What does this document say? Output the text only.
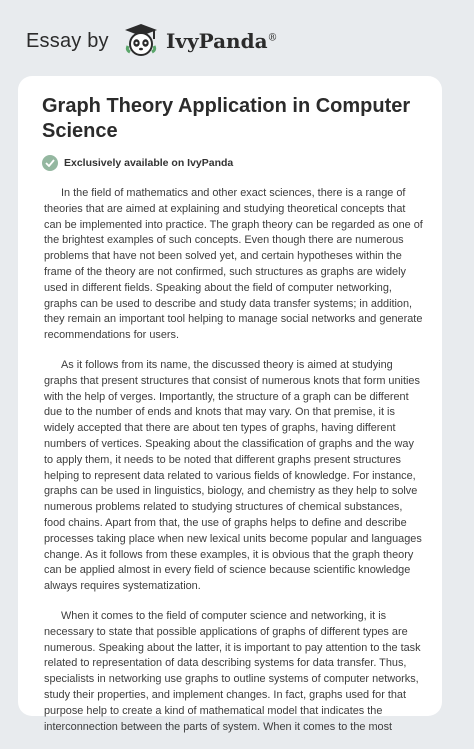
Essay by	IvyPanda®
Graph Theory Application in Computer Science
Exclusively available on IvyPanda

In the field of mathematics and other exact sciences, there is a range of theories that are aimed at explaining and studying theoretical concepts that can be implemented into practice. The graph theory can be regarded as one of the brightest examples of such concepts. Even though there are numerous problems that have not been solved yet, and certain hypotheses within the frame of the theory are not confirmed, such structures as graphs are widely used in different fields. Speaking about the field of computer networking, graphs can be used to describe and study data transfer systems; in addition, they remain an important tool helping to manage social networks and generate recommendations for users.

As it follows from its name, the discussed theory is aimed at studying graphs that present structures that consist of numerous knots that form unities with the help of verges. Importantly, the structure of a graph can be different due to the number of ends and knots that may vary. On that premise, it is widely accepted that there are about ten types of graphs, having different numbers of vertices. Speaking about the classification of graphs and the way to apply them, it needs to be noted that different graphs present structures helping to represent data related to various fields of knowledge. For instance, graphs can be used in linguistics, biology, and chemistry as they help to solve numerous problems related to studying structures of chemical substances, food chains. Apart from that, the use of graphs helps to define and describe processes taking place when new lexical units become popular and languages change. As it follows from these examples, it is obvious that the graph theory can be applied almost in every field of science because scientific knowledge always requires systematization.

When it comes to the field of computer science and networking, it is necessary to state that possible applications of graphs of different types are numerous. Speaking about the latter, it is important to pay attention to the task related to representation of data describing systems for data transfer. Thus, specialists in networking use graphs to outline systems of computer networks, study their properties, and implement changes. In fact, graphs used for that purpose help to create a kind of mathematical model that indicates the interconnection between the parts of system. When it comes to the most
